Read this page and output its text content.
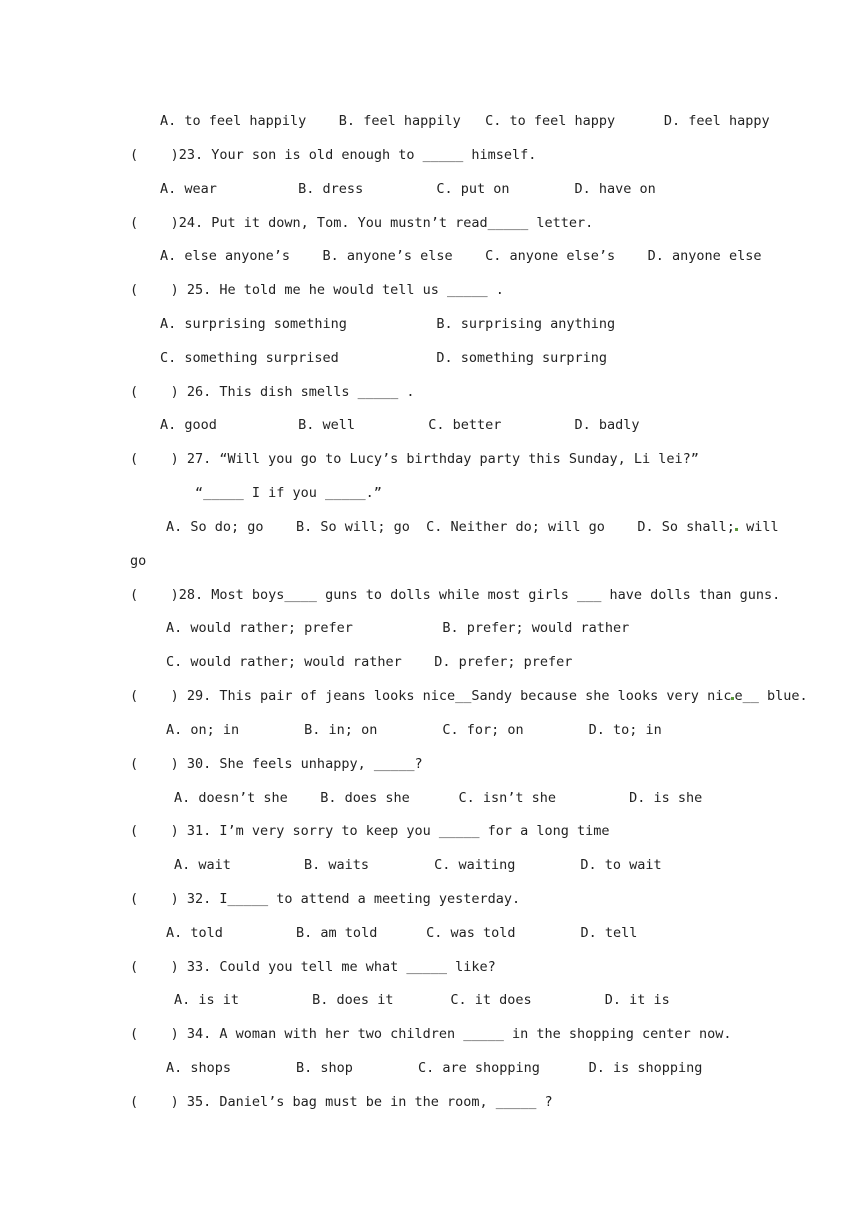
A. to feel happily    B. feel happily   C. to feel happy      D. feel happy
(    )23. Your son is old enough to _____ himself.
A. wear          B. dress         C. put on        D. have on
(    )24. Put it down, Tom. You mustn’t read_____ letter.
A. else anyone’s    B. anyone’s else    C. anyone else’s    D. anyone else
(    ) 25. He told me he would tell us _____ .
A. surprising something           B. surprising anything
C. something surprised            D. something surpring
(    ) 26. This dish smells _____ .
A. good          B. well         C. better         D. badly
(    ) 27. “Will you go to Lucy’s birthday party this Sunday, Li lei?”
“_____ I if you _____.”
A. So do; go    B. So will; go  C. Neither do; will go    D. So shall; will
go
(    )28. Most boys____ guns to dolls while most girls ___ have dolls than guns.
A. would rather; prefer           B. prefer; would rather
C. would rather; would rather    D. prefer; prefer
(    ) 29. This pair of jeans looks nice__Sandy because she looks very nic e__ blue.
A. on; in        B. in; on        C. for; on        D. to; in
(    ) 30. She feels unhappy, _____?
A. doesn’t she    B. does she      C. isn’t she         D. is she
(    ) 31. I’m very sorry to keep you _____ for a long time
A. wait         B. waits        C. waiting        D. to wait
(    ) 32. I_____ to attend a meeting yesterday.
A. told         B. am told      C. was told        D. tell
(    ) 33. Could you tell me what _____ like?
A. is it         B. does it       C. it does         D. it is
(    ) 34. A woman with her two children _____ in the shopping center now.
A. shops        B. shop        C. are shopping      D. is shopping
(    ) 35. Daniel’s bag must be in the room, _____ ?
